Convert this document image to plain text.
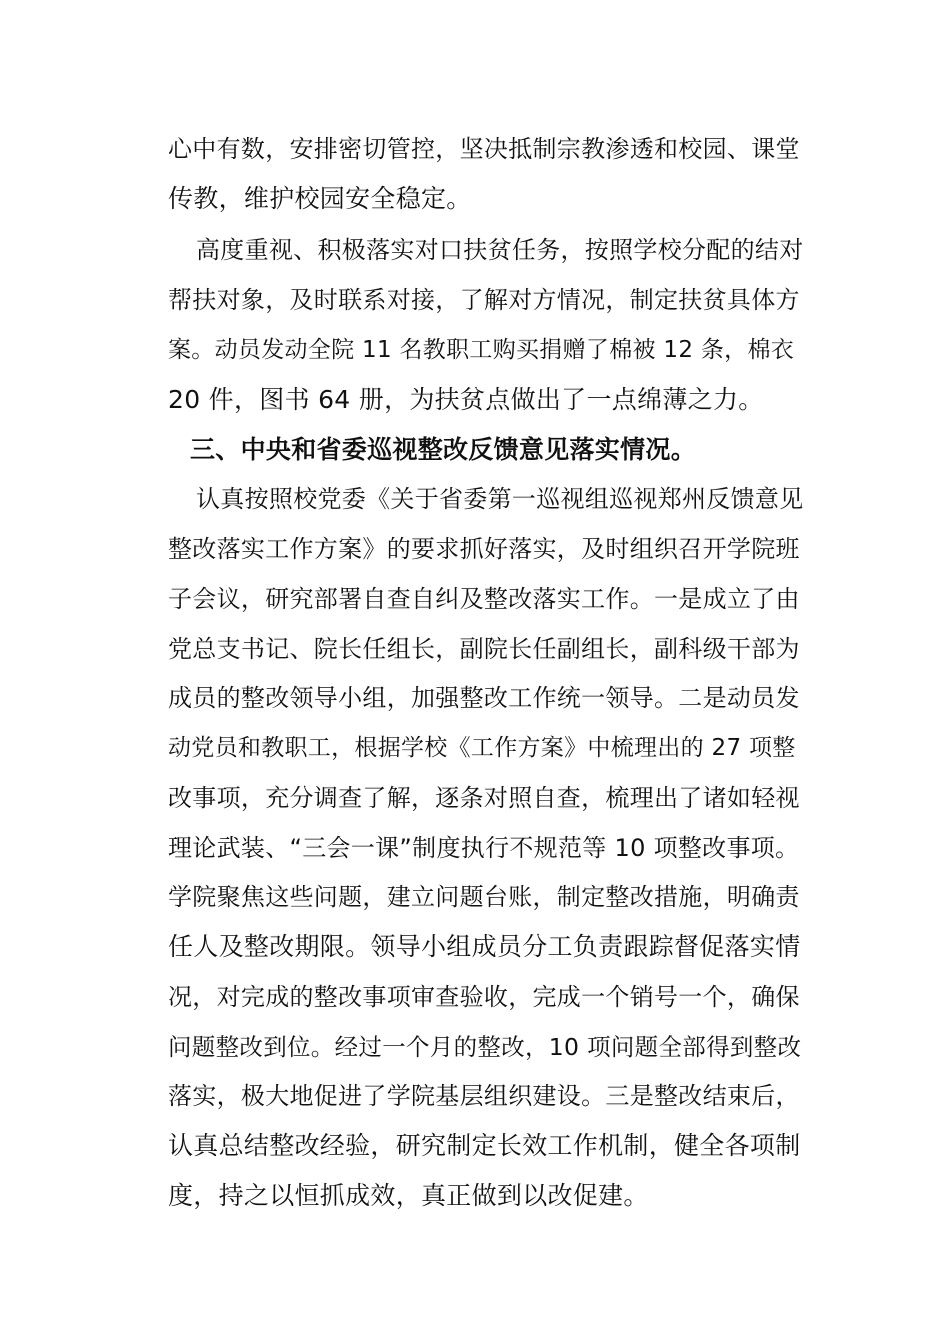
心中有数，安排密切管控，坚决抵制宗教渗透和校园、课堂
传教，维护校园安全稳定。
高度重视、积极落实对口扶贫任务，按照学校分配的结对
帮扶对象，及时联系对接，了解对方情况，制定扶贫具体方
案。动员发动全院 11 名教职工购买捐赠了棉被 12 条，棉衣
20 件，图书 64 册，为扶贫点做出了一点绵薄之力。
三、中央和省委巡视整改反馈意见落实情况。
认真按照校党委《关于省委第一巡视组巡视郑州反馈意见
整改落实工作方案》的要求抓好落实，及时组织召开学院班
子会议，研究部署自查自纠及整改落实工作。一是成立了由
党总支书记、院长任组长，副院长任副组长，副科级干部为
成员的整改领导小组，加强整改工作统一领导。二是动员发
动党员和教职工，根据学校《工作方案》中梳理出的 27 项整
改事项，充分调查了解，逐条对照自查，梳理出了诸如轻视
理论武装、“三会一课”制度执行不规范等 10 项整改事项。
学院聚焦这些问题，建立问题台账，制定整改措施，明确责
任人及整改期限。领导小组成员分工负责跟踪督促落实情
况，对完成的整改事项审查验收，完成一个销号一个，确保
问题整改到位。经过一个月的整改，10 项问题全部得到整改
落实，极大地促进了学院基层组织建设。三是整改结束后，
认真总结整改经验，研究制定长效工作机制，健全各项制
度，持之以恒抓成效，真正做到以改促建。
